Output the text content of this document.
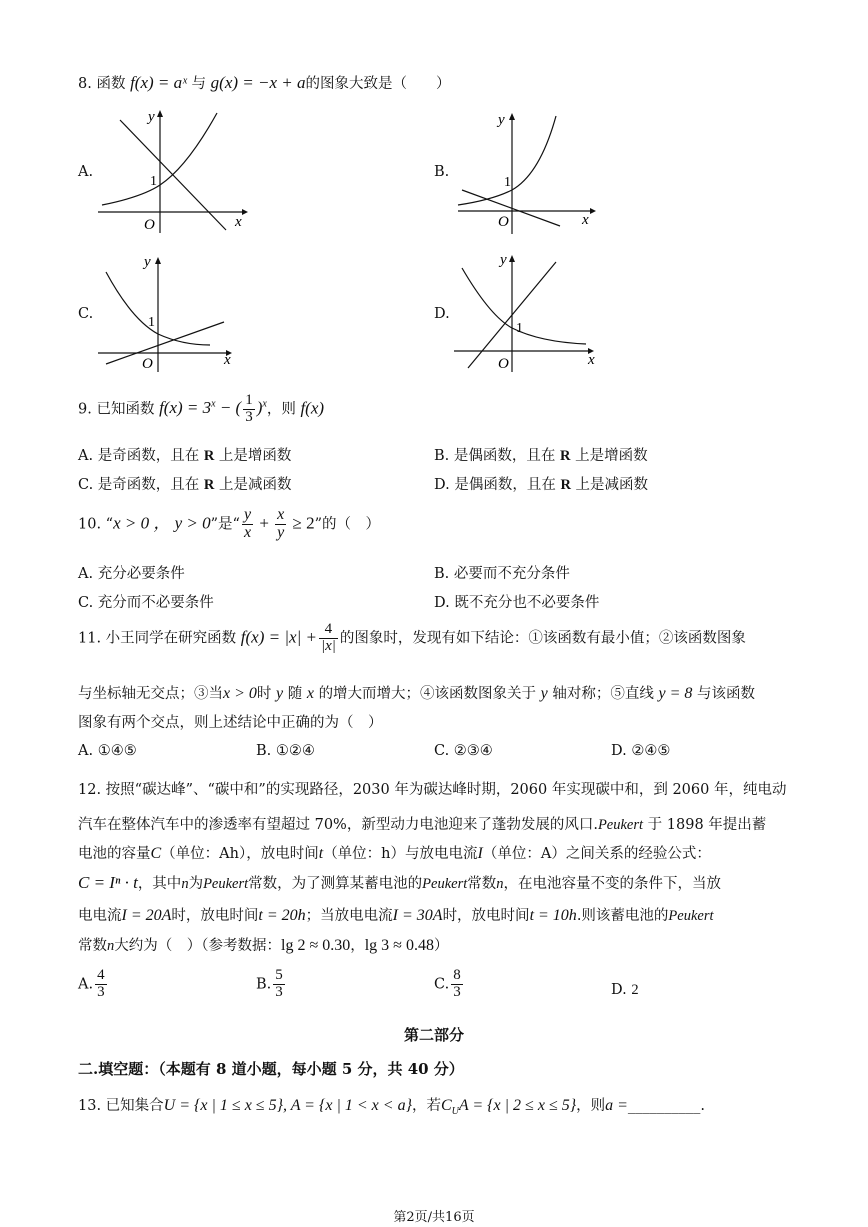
8. 函数 f(x) = aˣ 与 g(x) = −x + a的图象大致是（　　）
A.
1
O	x
y
B.
1
O	x
y
C.
1
O	x
y
D.
1
O	x
y
9. 已知函数 $f(x) = 3^x$ − ( $\frac{1}{3} )^x$，则 f(x)
A. 是奇函数，且在 R 上是增函数	B. 是偶函数，且在 R 上是增函数
C. 是奇函数，且在 R 上是减函数	D. 是偶函数，且在 R 上是减函数
10. “x > 0 ， y > 0”是“ $\frac{y}{x} + \frac{x}{y} \ge 2$”的（　）
A. 充分必要条件	B. 必要而不充分条件
C. 充分而不必要条件	D. 既不充分也不必要条件
11. 小王同学在研究函数 $f(x) = |x| + \frac{4}{|x|}$ 的图象时，发现有如下结论：①该函数有最小值；②该函数图象
与坐标轴无交点；③当x > 0时 y 随 x 的增大而增大；④该函数图象关于 y 轴对称；⑤直线 y = 8 与该函数
图象有两个交点，则上述结论中正确的为（　）
A. ①④⑤	B. ①②④	C. ②③④	D. ②④⑤
12. 按照“碳达峰”、“碳中和”的实现路径，2030 年为碳达峰时期，2060 年实现碳中和，到 2060 年，纯电动
汽车在整体汽车中的渗透率有望超过 70%，新型动力电池迎来了蓬勃发展的风口.Peukert 于 1898 年提出蓄
电池的容量C（单位：Ah），放电时间t（单位：h）与放电电流I（单位：A）之间关系的经验公式：
C = Iⁿ · t，其中n为Peukert常数，为了测算某蓄电池的Peukert常数n，在电池容量不变的条件下，当放
电电流I = 20A时，放电时间t = 20h；当放电电流I = 30A时，放电时间t = 10h.则该蓄电池的Peukert
常数n大约为（　）（参考数据：lg 2 ≈ 0.30，lg 3 ≈ 0.48）
A. $\frac{4}{3}$	B. $\frac{5}{3}$	C. $\frac{8}{3}$	D. 2
第二部分
二.填空题：（本题有 8 道小题，每小题 5 分，共 40 分）
13. 已知集合U = {x | 1 ≤ x ≤ 5}, A = {x | 1 < x < a}，若$C_UA = \{x$ | 2 ≤ x ≤ 5}，则a =__________.
第2页/共16页
